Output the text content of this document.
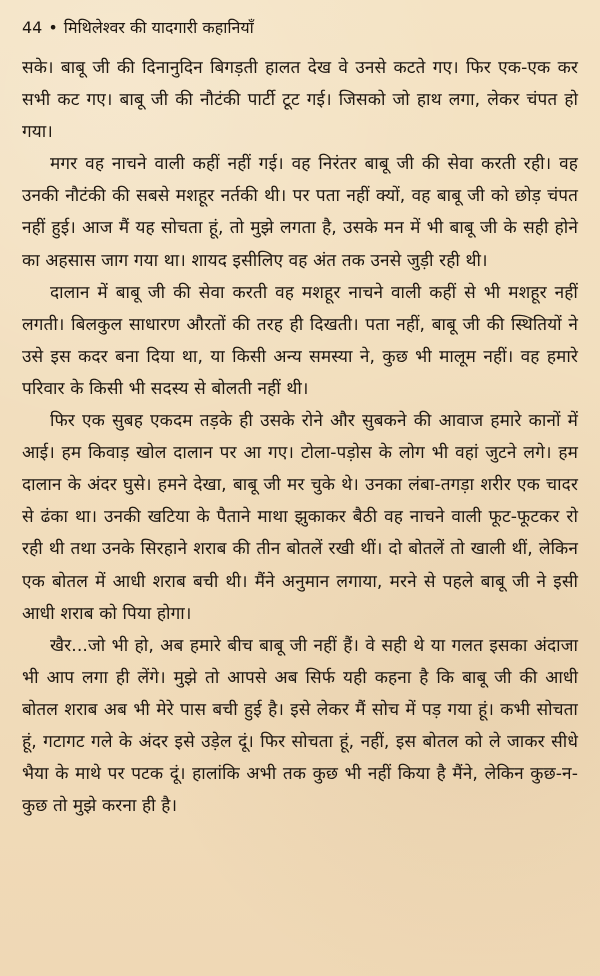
44 • मिथिलेश्वर की यादगारी कहानियाँ

सके। बाबू जी की दिनानुदिन बिगड़ती हालत देख वे उनसे कटते गए। फिर एक-एक कर सभी कट गए। बाबू जी की नौटंकी पार्टी टूट गई। जिसको जो हाथ लगा, लेकर चंपत हो गया।

मगर वह नाचने वाली कहीं नहीं गई। वह निरंतर बाबू जी की सेवा करती रही। वह उनकी नौटंकी की सबसे मशहूर नर्तकी थी। पर पता नहीं क्यों, वह बाबू जी को छोड़ चंपत नहीं हुई। आज मैं यह सोचता हूं, तो मुझे लगता है, उसके मन में भी बाबू जी के सही होने का अहसास जाग गया था। शायद इसीलिए वह अंत तक उनसे जुड़ी रही थी।

दालान में बाबू जी की सेवा करती वह मशहूर नाचने वाली कहीं से भी मशहूर नहीं लगती। बिलकुल साधारण औरतों की तरह ही दिखती। पता नहीं, बाबू जी की स्थितियों ने उसे इस कदर बना दिया था, या किसी अन्य समस्या ने, कुछ भी मालूम नहीं। वह हमारे परिवार के किसी भी सदस्य से बोलती नहीं थी।

फिर एक सुबह एकदम तड़के ही उसके रोने और सुबकने की आवाज हमारे कानों में आई। हम किवाड़ खोल दालान पर आ गए। टोला-पड़ोस के लोग भी वहां जुटने लगे। हम दालान के अंदर घुसे। हमने देखा, बाबू जी मर चुके थे। उनका लंबा-तगड़ा शरीर एक चादर से ढंका था। उनकी खटिया के पैताने माथा झुकाकर बैठी वह नाचने वाली फूट-फूटकर रो रही थी तथा उनके सिरहाने शराब की तीन बोतलें रखी थीं। दो बोतलें तो खाली थीं, लेकिन एक बोतल में आधी शराब बची थी। मैंने अनुमान लगाया, मरने से पहले बाबू जी ने इसी आधी शराब को पिया होगा।

खैर...जो भी हो, अब हमारे बीच बाबू जी नहीं हैं। वे सही थे या गलत इसका अंदाजा भी आप लगा ही लेंगे। मुझे तो आपसे अब सिर्फ यही कहना है कि बाबू जी की आधी बोतल शराब अब भी मेरे पास बची हुई है। इसे लेकर मैं सोच में पड़ गया हूं। कभी सोचता हूं, गटागट गले के अंदर इसे उड़ेल दूं। फिर सोचता हूं, नहीं, इस बोतल को ले जाकर सीधे भैया के माथे पर पटक दूं। हालांकि अभी तक कुछ भी नहीं किया है मैंने, लेकिन कुछ-न-कुछ तो मुझे करना ही है।
